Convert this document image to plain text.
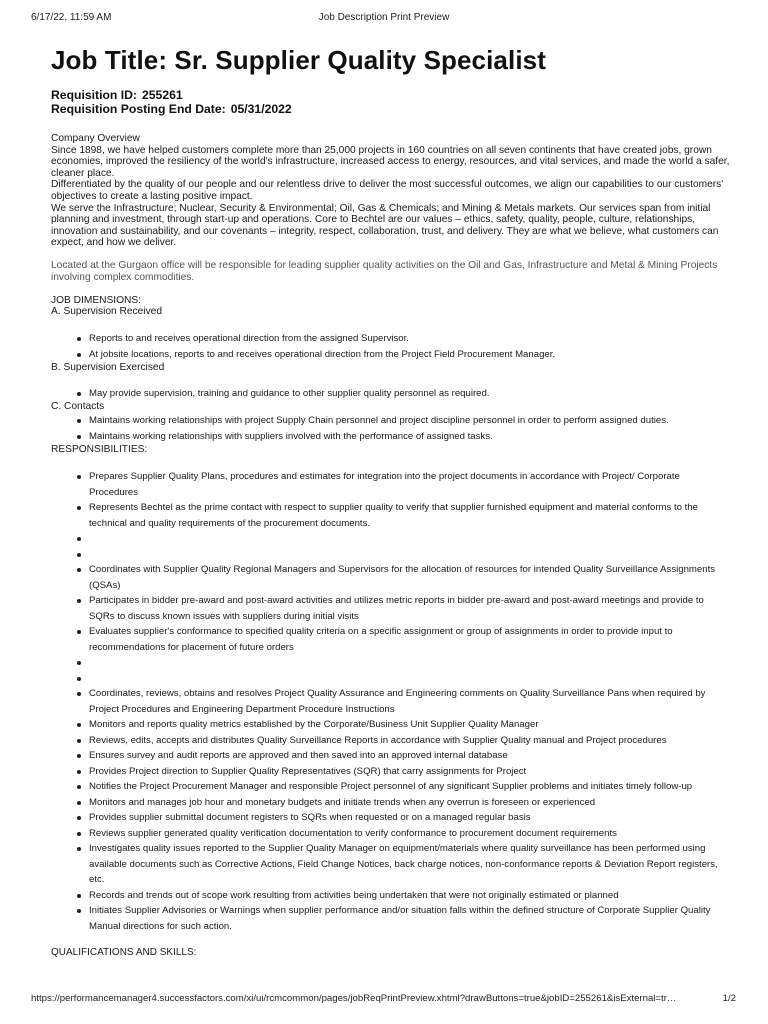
6/17/22, 11:59 AM	Job Description Print Preview
Job Title: Sr. Supplier Quality Specialist
Requisition ID: 255261
Requisition Posting End Date: 05/31/2022

Company Overview

Since 1898, we have helped customers complete more than 25,000 projects in 160 countries on all seven continents that have created jobs, grown economies, improved the resiliency of the world's infrastructure, increased access to energy, resources, and vital services, and made the world a safer, cleaner place.

Differentiated by the quality of our people and our relentless drive to deliver the most successful outcomes, we align our capabilities to our customers' objectives to create a lasting positive impact.

We serve the Infrastructure; Nuclear, Security & Environmental; Oil, Gas & Chemicals; and Mining & Metals markets. Our services span from initial planning and investment, through start-up and operations. Core to Bechtel are our values – ethics, safety, quality, people, culture, relationships, innovation and sustainability, and our covenants – integrity, respect, collaboration, trust, and delivery. They are what we believe, what customers can expect, and how we deliver.

Located at the Gurgaon office will be responsible for leading supplier quality activities on the Oil and Gas, Infrastructure and Metal & Mining Projects involving complex commodities.

JOB DIMENSIONS:

A. Supervision Received

Reports to and receives operational direction from the assigned Supervisor.
At jobsite locations, reports to and receives operational direction from the Project Field Procurement Manager.

B. Supervision Exercised

May provide supervision, training and guidance to other supplier quality personnel as required.

C. Contacts

Maintains working relationships with project Supply Chain personnel and project discipline personnel in order to perform assigned duties.
Maintains working relationships with suppliers involved with the performance of assigned tasks.

RESPONSIBILITIES:

Prepares Supplier Quality Plans, procedures and estimates for integration into the project documents in accordance with Project/ Corporate Procedures
Represents Bechtel as the prime contact with respect to supplier quality to verify that supplier furnished equipment and material conforms to the technical and quality requirements of the procurement documents.
Coordinates with Supplier Quality Regional Managers and Supervisors for the allocation of resources for intended Quality Surveillance Assignments (QSAs)
Participates in bidder pre-award and post-award activities and utilizes metric reports in bidder pre-award and post-award meetings and provide to SQRs to discuss known issues with suppliers during initial visits
Evaluates supplier's conformance to specified quality criteria on a specific assignment or group of assignments in order to provide input to recommendations for placement of future orders
Coordinates, reviews, obtains and resolves Project Quality Assurance and Engineering comments on Quality Surveillance Pans when required by Project Procedures and Engineering Department Procedure Instructions
Monitors and reports quality metrics established by the Corporate/Business Unit Supplier Quality Manager
Reviews, edits, accepts and distributes Quality Surveillance Reports in accordance with Supplier Quality manual and Project procedures
Ensures survey and audit reports are approved and then saved into an approved internal database
Provides Project direction to Supplier Quality Representatives (SQR) that carry assignments for Project
Notifies the Project Procurement Manager and responsible Project personnel of any significant Supplier problems and initiates timely follow-up
Monitors and manages job hour and monetary budgets and initiate trends when any overrun is foreseen or experienced
Provides supplier submittal document registers to SQRs when requested or on a managed regular basis
Reviews supplier generated quality verification documentation to verify conformance to procurement document requirements
Investigates quality issues reported to the Supplier Quality Manager on equipment/materials where quality surveillance has been performed using available documents such as Corrective Actions, Field Change Notices, back charge notices, non-conformance reports & Deviation Report registers, etc.
Records and trends out of scope work resulting from activities being undertaken that were not originally estimated or planned
Initiates Supplier Advisories or Warnings when supplier performance and/or situation falls within the defined structure of Corporate Supplier Quality Manual directions for such action.
QUALIFICATIONS AND SKILLS:
https://performancemanager4.successfactors.com/xi/ui/rcmcommon/pages/jobReqPrintPreview.xhtml?drawButtons=true&jobID=255261&isExternal=tr…	1/2
